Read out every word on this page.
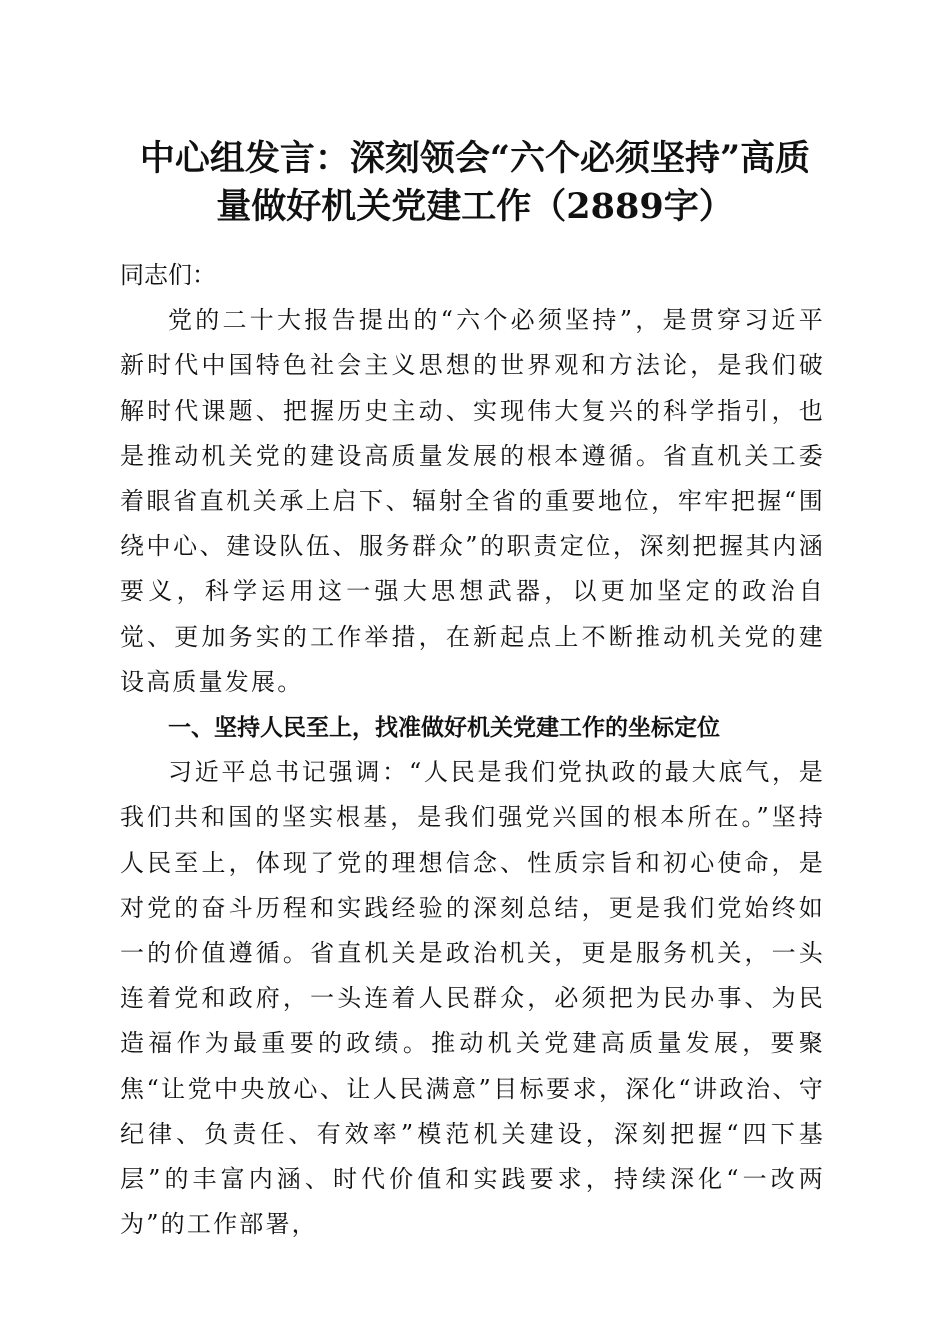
中心组发言：深刻领会“六个必须坚持”高质
量做好机关党建工作（2889字）

同志们：

党的二十大报告提出的“六个必须坚持”，是贯穿习近平新时代中国特色社会主义思想的世界观和方法论，是我们破解时代课题、把握历史主动、实现伟大复兴的科学指引，也是推动机关党的建设高质量发展的根本遵循。省直机关工委着眼省直机关承上启下、辐射全省的重要地位，牢牢把握“围绕中心、建设队伍、服务群众”的职责定位，深刻把握其内涵要义，科学运用这一强大思想武器，以更加坚定的政治自觉、更加务实的工作举措，在新起点上不断推动机关党的建设高质量发展。

一、坚持人民至上，找准做好机关党建工作的坐标定位

习近平总书记强调：“人民是我们党执政的最大底气，是我们共和国的坚实根基，是我们强党兴国的根本所在。”坚持人民至上，体现了党的理想信念、性质宗旨和初心使命，是对党的奋斗历程和实践经验的深刻总结，更是我们党始终如一的价值遵循。省直机关是政治机关，更是服务机关，一头连着党和政府，一头连着人民群众，必须把为民办事、为民造福作为最重要的政绩。推动机关党建高质量发展，要聚焦“让党中央放心、让人民满意”目标要求，深化“讲政治、守纪律、负责任、有效率”模范机关建设，深刻把握“四下基层”的丰富内涵、时代价值和实践要求，持续深化“一改两为”的工作部署，
